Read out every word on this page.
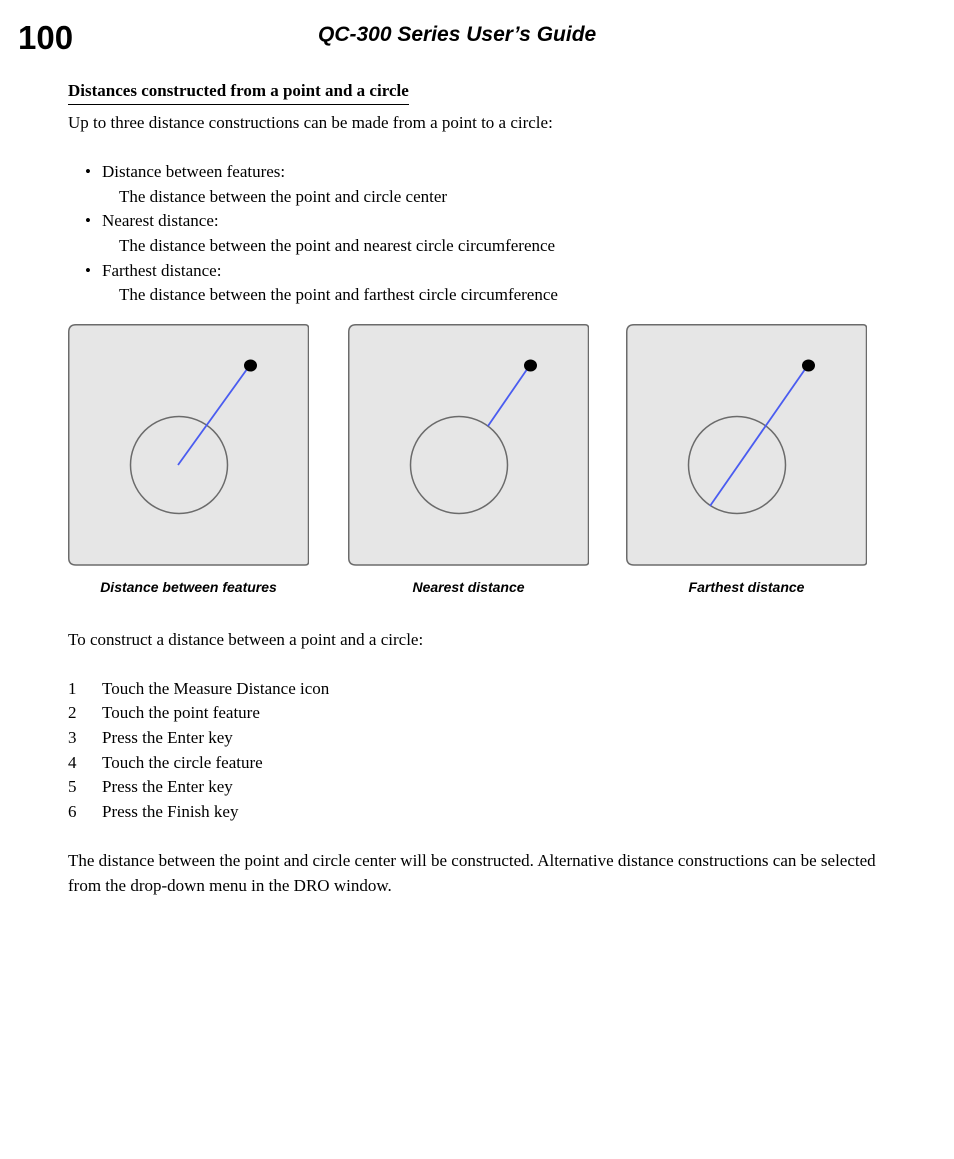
100	QC-300 Series User’s Guide
Distances constructed from a point and a circle
Up to three distance constructions can be made from a point to a circle:
• Distance between features:
The distance between the point and circle center
• Nearest distance:
The distance between the point and nearest circle circumference
• Farthest distance:
The distance between the point and farthest circle circumference
Distance between features	Nearest distance	Farthest distance
To construct a distance between a point and a circle:
1 Touch the Measure Distance icon
2 Touch the point feature
3 Press the Enter key
4 Touch the circle feature
5 Press the Enter key
6 Press the Finish key
The distance between the point and circle center will be constructed. Alternative distance constructions can be selected from the drop-down menu in the DRO window.
